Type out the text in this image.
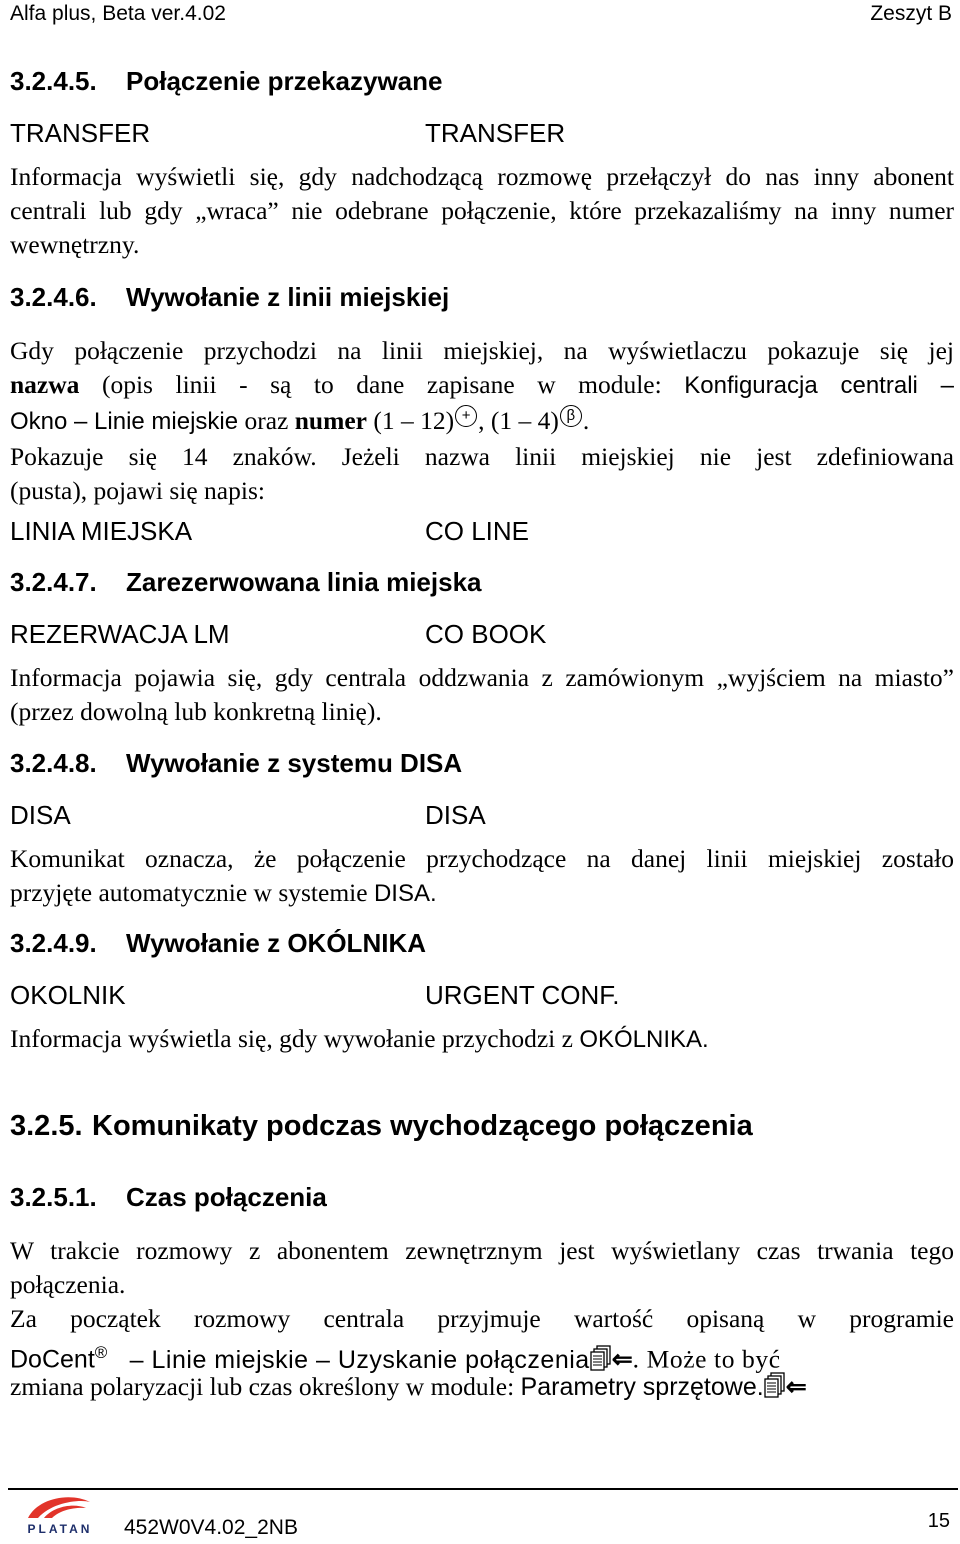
Alfa plus, Beta ver.4.02	Zeszyt B
3.2.4.5. Połączenie przekazywane
TRANSFER	TRANSFER
Informacja wyświetli się, gdy nadchodzącą rozmowę przełączył do nas inny abonent centrali lub gdy „wraca” nie odebrane połączenie, które przekazaliśmy na inny numer wewnętrzny.
3.2.4.6. Wywołanie z linii miejskiej
Gdy połączenie przychodzi na linii miejskiej, na wyświetlaczu pokazuje się jej
nazwa (opis linii - są to dane zapisane w module: Konfiguracja centrali –
Okno – Linie miejskie oraz numer (1 – 12) + , (1 – 4) β .
Pokazuje się 14 znaków. Jeżeli nazwa linii miejskiej nie jest zdefiniowana
(pusta), pojawi się napis:
LINIA MIEJSKA	CO LINE
3.2.4.7. Zarezerwowana linia miejska
REZERWACJA LM	CO BOOK
Informacja pojawia się, gdy centrala oddzwania z zamówionym „wyjściem na miasto” (przez dowolną lub konkretną linię).
3.2.4.8. Wywołanie z systemu DISA
DISA	DISA
Komunikat oznacza, że połączenie przychodzące na danej linii miejskiej zostało
przyjęte automatycznie w systemie DISA.
3.2.4.9. Wywołanie z OKÓLNIKA
OKOLNIK	URGENT CONF.
Informacja wyświetla się, gdy wywołanie przychodzi z OKÓLNIKA.
3.2.5. Komunikaty podczas wychodzącego połączenia
3.2.5.1. Czas połączenia
W trakcie rozmowy z abonentem zewnętrznym jest wyświetlany czas trwania tego połączenia.
Za początek rozmowy centrala przyjmuje wartość opisaną w programie
DoCent® – Linie miejskie – Uzyskanie połączenia ⇐. Może to być
zmiana polaryzacji lub czas określony w module: Parametry sprzętowe. ⇐
PLATAN 452W0V4.02_2NB	15
